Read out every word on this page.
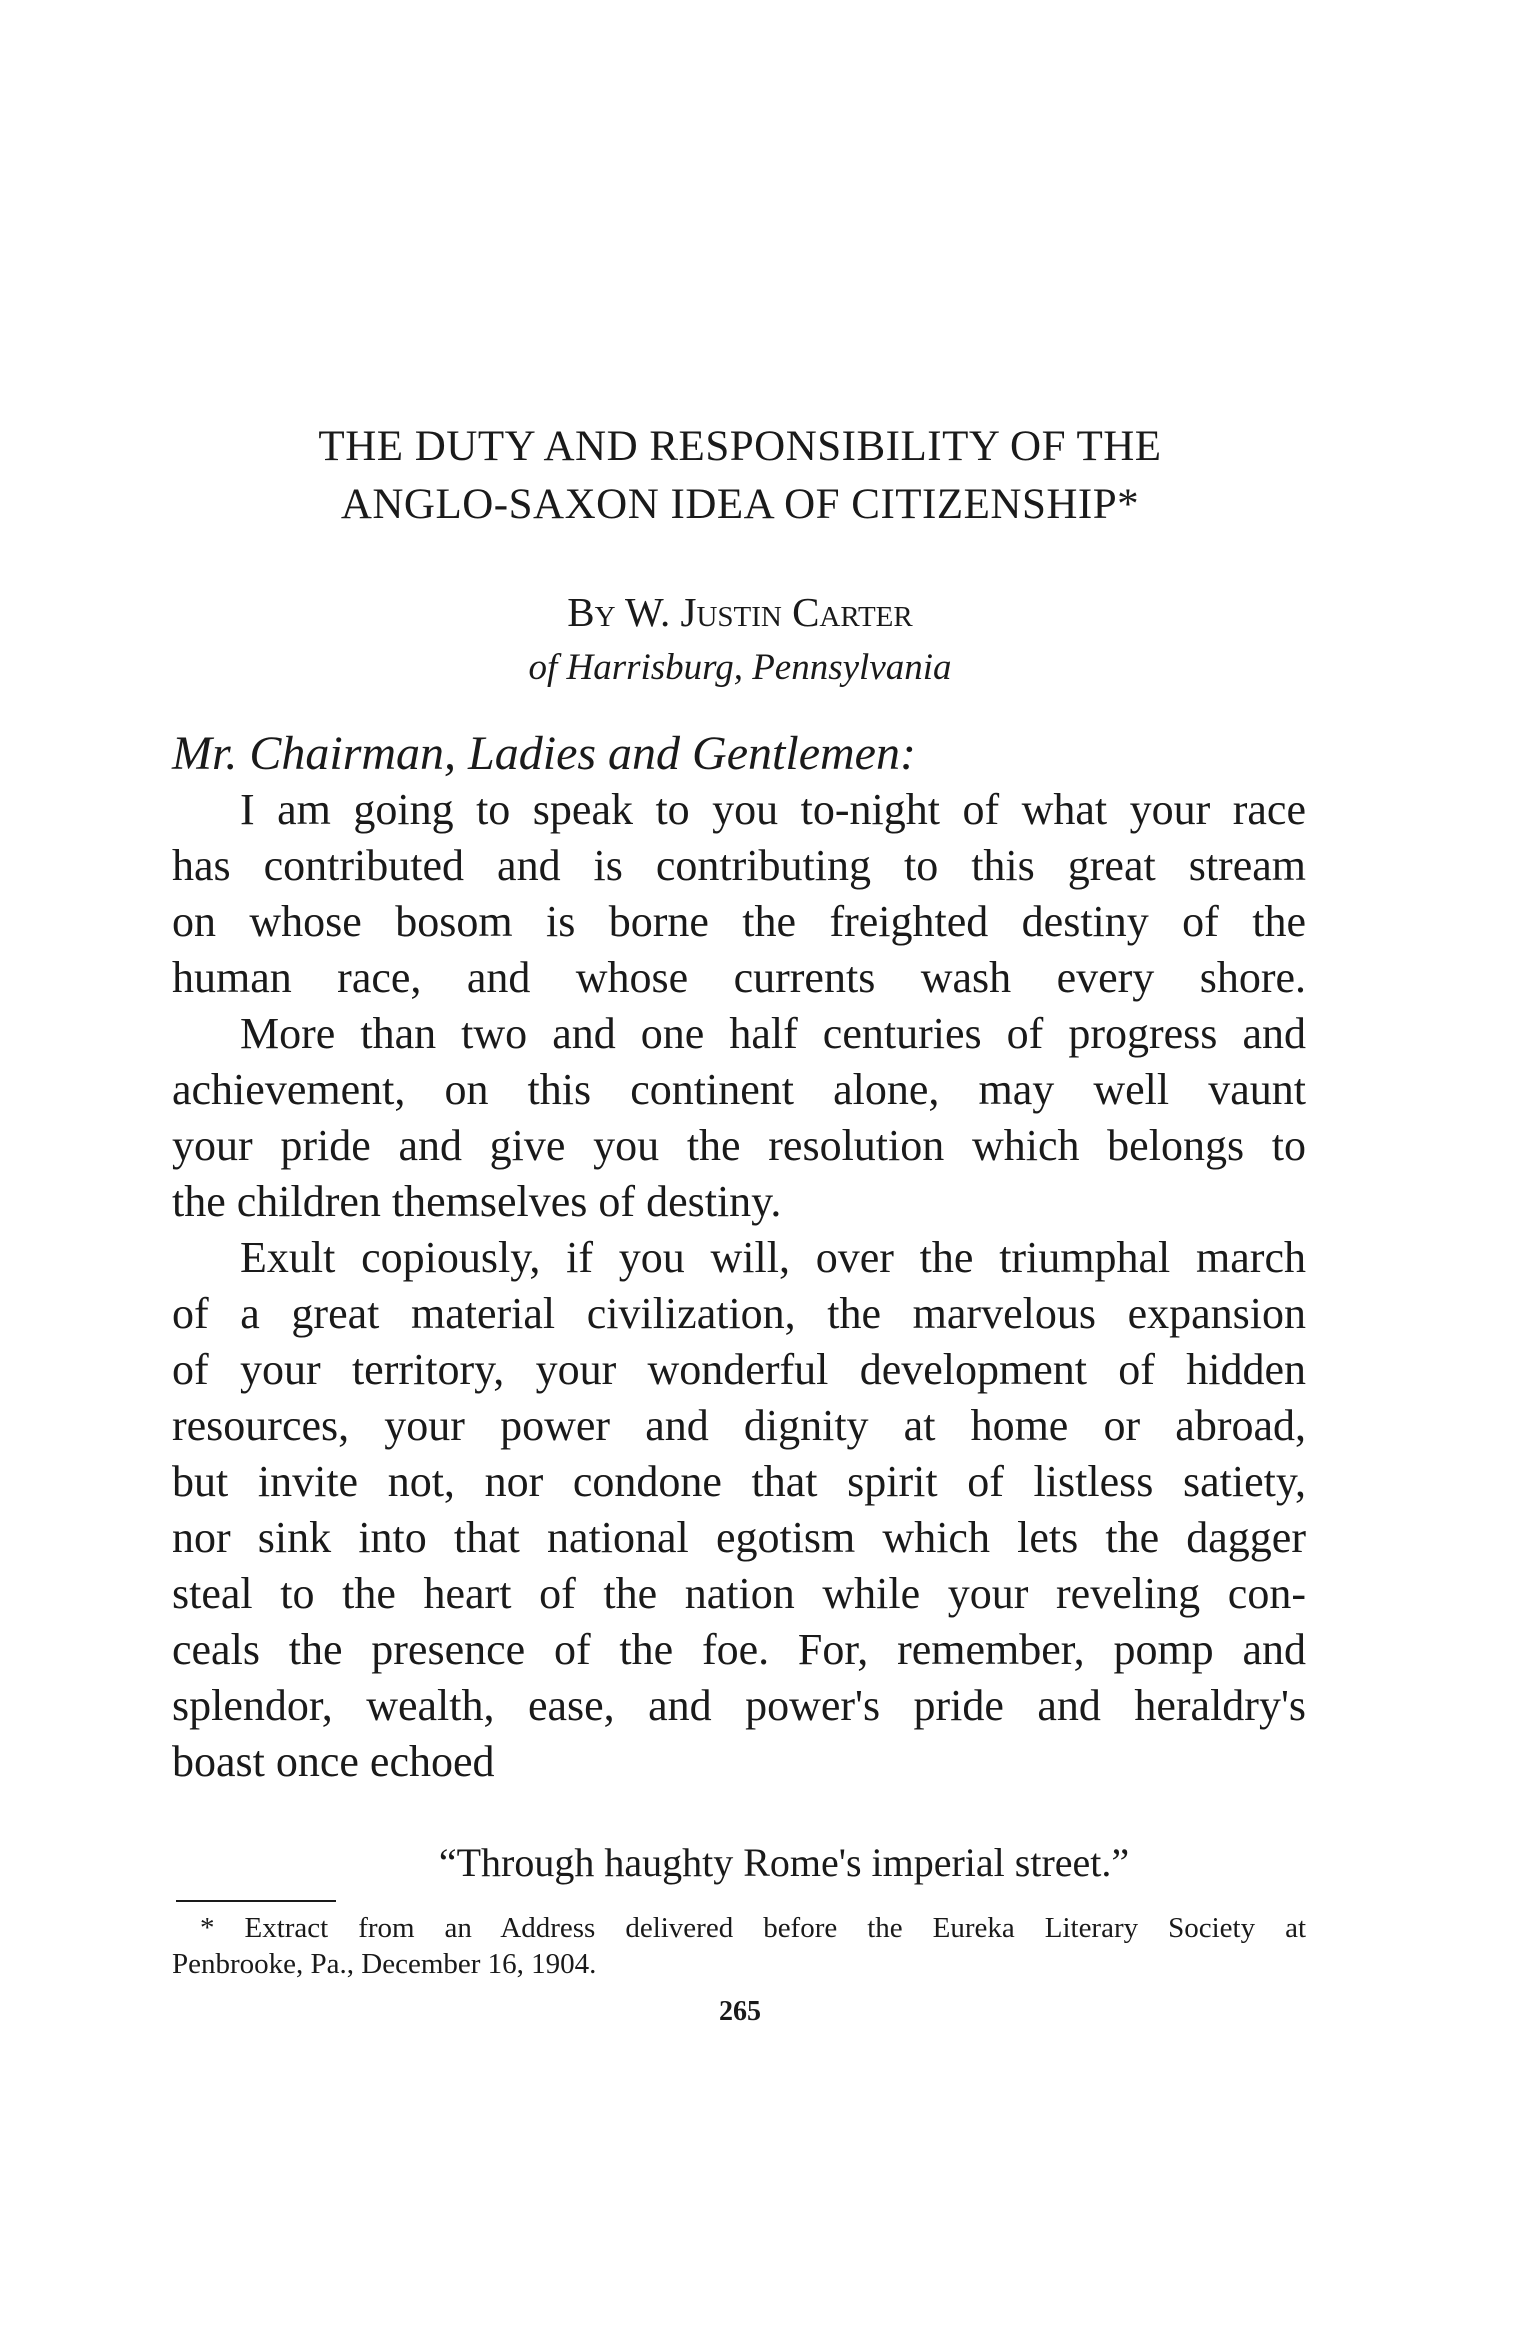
THE DUTY AND RESPONSIBILITY OF THE
ANGLO-SAXON IDEA OF CITIZENSHIP*
By W. Justin Carter
of Harrisburg, Pennsylvania
Mr. Chairman, Ladies and Gentlemen:
I am going to speak to you to-night of what your race
has contributed and is contributing to this great stream
on whose bosom is borne the freighted destiny of the
human race, and whose currents wash every shore.
More than two and one half centuries of progress and
achievement, on this continent alone, may well vaunt
your pride and give you the resolution which belongs to
the children themselves of destiny.
Exult copiously, if you will, over the triumphal march
of a great material civilization, the marvelous expansion
of your territory, your wonderful development of hidden
resources, your power and dignity at home or abroad,
but invite not, nor condone that spirit of listless satiety,
nor sink into that national egotism which lets the dagger
steal to the heart of the nation while your reveling con-
ceals the presence of the foe. For, remember, pomp and
splendor, wealth, ease, and power's pride and heraldry's
boast once echoed
“Through haughty Rome's imperial street.”
* Extract from an Address delivered before the Eureka Literary Society at
Penbrooke, Pa., December 16, 1904.
265
